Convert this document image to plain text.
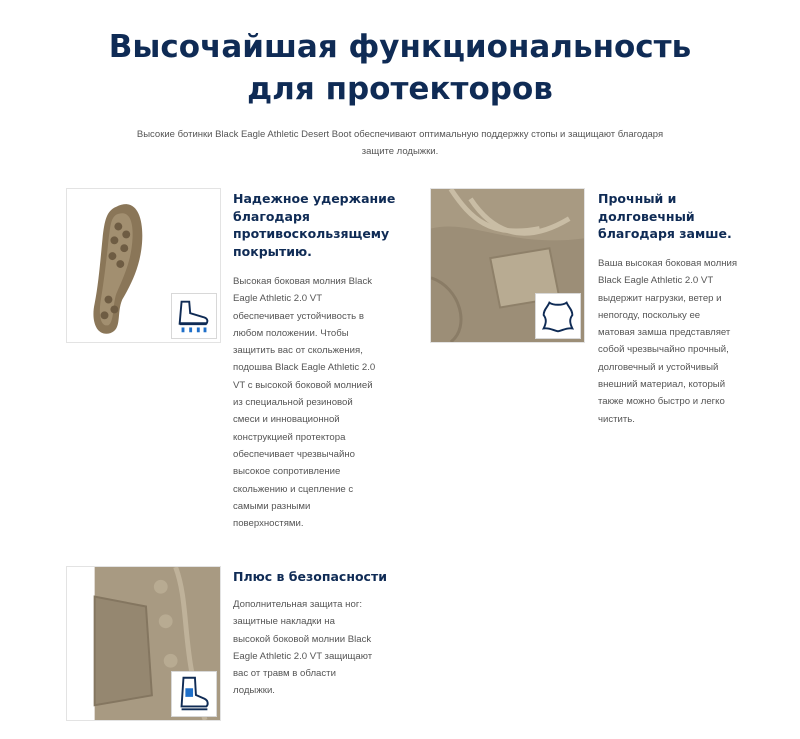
Высочайшая функциональность
для протекторов

Высокие ботинки Black Eagle Athletic Desert Boot обеспечивают оптимальную поддержку стопы и защищают благодаря
защите лодыжки.

Надежное удержание
благодаря
противоскользящему
покрытию.

Высокая боковая молния Black
Eagle Athletic 2.0 VT
обеспечивает устойчивость в
любом положении. Чтобы
защитить вас от скольжения,
подошва Black Eagle Athletic 2.0
VT с высокой боковой молнией
из специальной резиновой
смеси и инновационной
конструкцией протектора
обеспечивает чрезвычайно
высокое сопротивление
скольжению и сцепление с
самыми разными
поверхностями.

Прочный и
долговечный
благодаря замше.

Ваша высокая боковая молния
Black Eagle Athletic 2.0 VT
выдержит нагрузки, ветер и
непогоду, поскольку ее
матовая замша представляет
собой чрезвычайно прочный,
долговечный и устойчивый
внешний материал, который
также можно быстро и легко
чистить.

Плюс в безопасности

Дополнительная защита ног:
защитные накладки на
высокой боковой молнии Black
Eagle Athletic 2.0 VT защищают
вас от травм в области
лодыжки.
